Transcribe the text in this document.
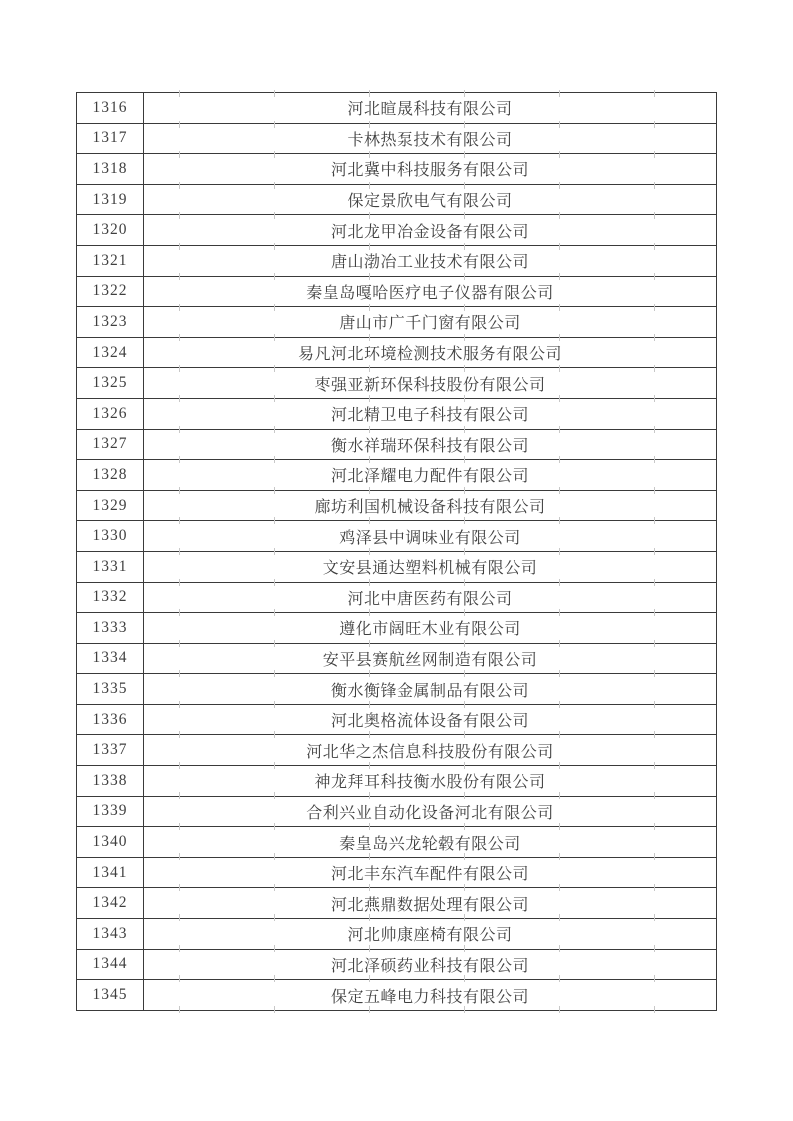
1316	河北暄晟科技有限公司
1317	卡林热泵技术有限公司
1318	河北冀中科技服务有限公司
1319	保定景欣电气有限公司
1320	河北龙甲冶金设备有限公司
1321	唐山渤冶工业技术有限公司
1322	秦皇岛嘎哈医疗电子仪器有限公司
1323	唐山市广千门窗有限公司
1324	易凡河北环境检测技术服务有限公司
1325	枣强亚新环保科技股份有限公司
1326	河北精卫电子科技有限公司
1327	衡水祥瑞环保科技有限公司
1328	河北泽耀电力配件有限公司
1329	廊坊利国机械设备科技有限公司
1330	鸡泽县中调味业有限公司
1331	文安县通达塑料机械有限公司
1332	河北中唐医药有限公司
1333	遵化市阔旺木业有限公司
1334	安平县赛航丝网制造有限公司
1335	衡水衡锋金属制品有限公司
1336	河北奥格流体设备有限公司
1337	河北华之杰信息科技股份有限公司
1338	神龙拜耳科技衡水股份有限公司
1339	合利兴业自动化设备河北有限公司
1340	秦皇岛兴龙轮毂有限公司
1341	河北丰东汽车配件有限公司
1342	河北燕鼎数据处理有限公司
1343	河北帅康座椅有限公司
1344	河北泽硕药业科技有限公司
1345	保定五峰电力科技有限公司
